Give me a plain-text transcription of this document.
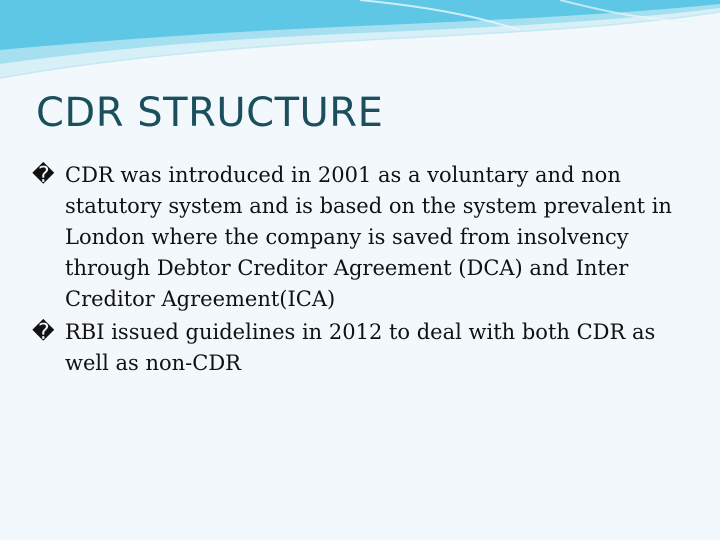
CDR STRUCTURE
� CDR was introduced in 2001 as a voluntary and non statutory system and is based on the system prevalent in London where the company is saved from insolvency through Debtor Creditor Agreement (DCA) and Inter Creditor Agreement(ICA)
� RBI issued guidelines in 2012 to deal with both CDR as well as non-CDR
